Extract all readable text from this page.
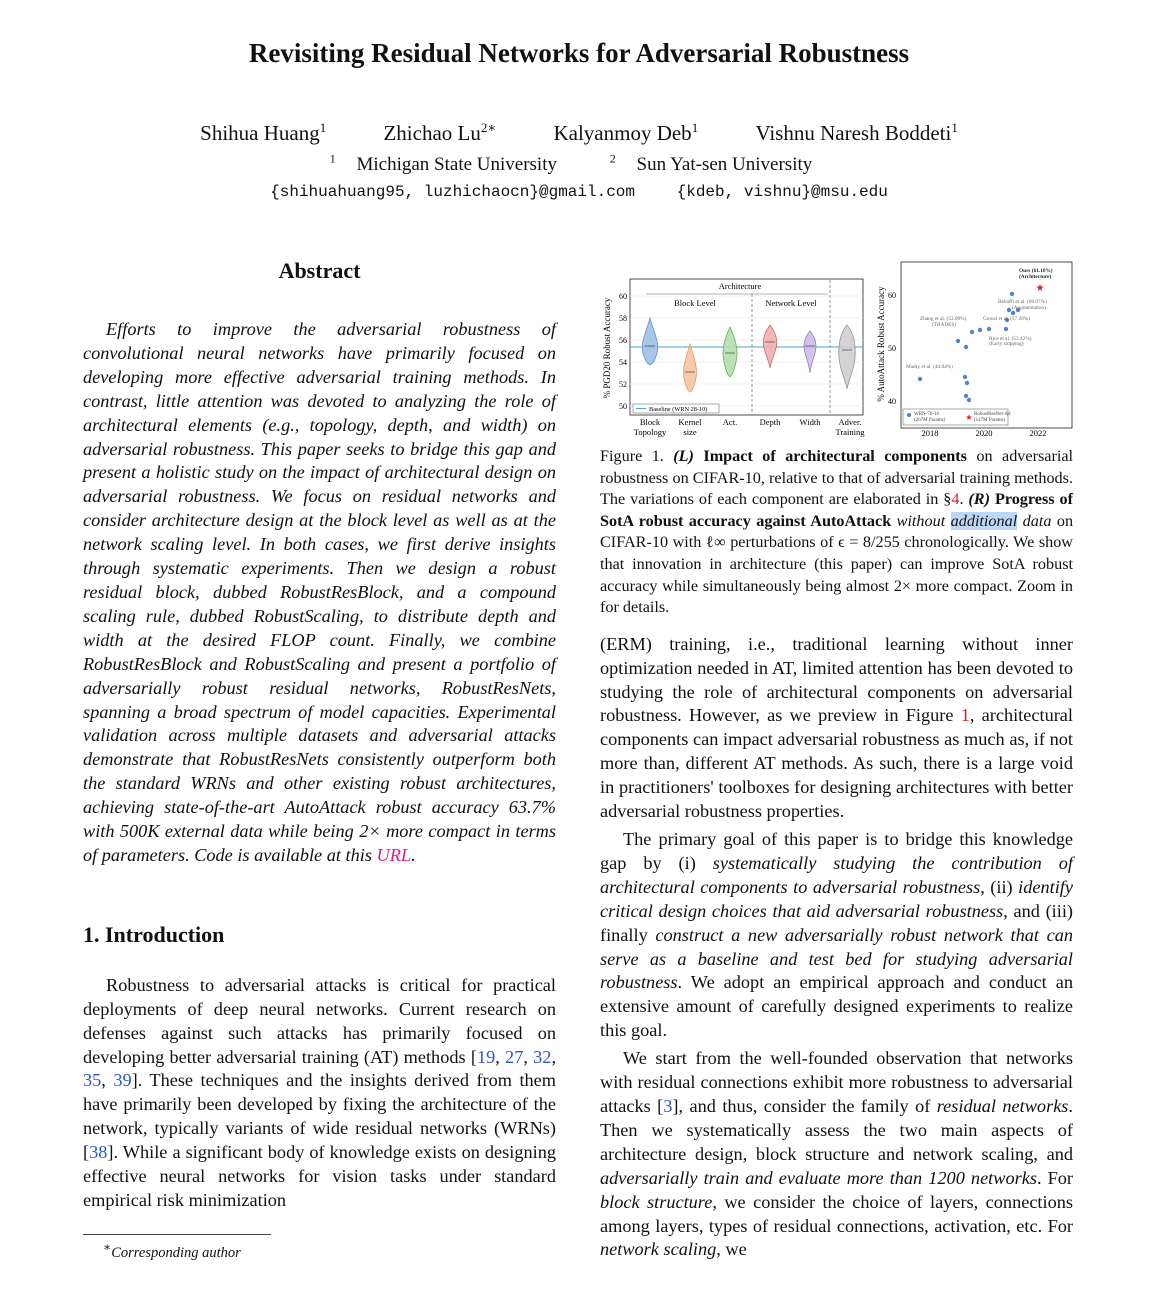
Revisiting Residual Networks for Adversarial Robustness
Shihua Huang$^1$	Zhichao $Lu^{2∗}$	Kalyanmoy Deb$^1$	Vishnu Naresh Boddeti$^1$
$^1$ Michigan State University	$^2$ Sun Yat-sen University
{shihuahuang95, luzhichaocn}@gmail.com	{kdeb, vishnu}@msu.edu
Abstract

Efforts to improve the adversarial robustness of convolutional neural networks have primarily focused on developing more effective adversarial training methods. In contrast, little attention was devoted to analyzing the role of architectural elements (e.g., topology, depth, and width) on adversarial robustness. This paper seeks to bridge this gap and present a holistic study on the impact of architectural design on adversarial robustness. We focus on residual networks and consider architecture design at the block level as well as at the network scaling level. In both cases, we first derive insights through systematic experiments. Then we design a robust residual block, dubbed RobustResBlock, and a compound scaling rule, dubbed RobustScaling, to distribute depth and width at the desired FLOP count. Finally, we combine RobustResBlock and RobustScaling and present a portfolio of adversarially robust residual networks, RobustResNets, spanning a broad spectrum of model capacities. Experimental validation across multiple datasets and adversarial attacks demonstrate that RobustResNets consistently outperform both the standard WRNs and other existing robust architectures, achieving state-of-the-art AutoAttack robust accuracy 63.7% with 500K external data while being 2× more compact in terms of parameters. Code is available at this URL.

1. Introduction

Robustness to adversarial attacks is critical for practical deployments of deep neural networks. Current research on defenses against such attacks has primarily focused on developing better adversarial training (AT) methods [19, 27, 32, 35, 39]. These techniques and the insights derived from them have primarily been developed by fixing the architecture of the network, typically variants of wide residual networks (WRNs) [38]. While a significant body of knowledge exists on designing effective neural networks for vision tasks under standard empirical risk minimization

∗Corresponding author
% PGD20 Robust Accuracy
50
52
54
56
58
60
Architecture
Block Level	Network Level
Baseline (WRN 28-10)
Block
Topology
Kernel
size
Act.	Depth Width Adver.
Training
% AutoAttack Robust Accuracy 40
50
60
2018	2020	2022
★
Ours (61.10%)
(Architecture)
Rebuffi et al. (60.07%)
(Augmentation)
Zhang et al. (53.08%)
(TRADES)
Gowal et al. (57.20%)
Rice et al. (53.42%)
(Early stopping)
Madry et al. (44.04%)
WRN-70-16
(267M Params)	★ RobustResNet-A4
(147M Params)

Figure 1. (L) Impact of architectural components on adversarial robustness on CIFAR-10, relative to that of adversarial training methods. The variations of each component are elaborated in §4. (R) Progress of SotA robust accuracy against AutoAttack without additional data on CIFAR-10 with ℓ∞ perturbations of ϵ = 8/255 chronologically. We show that innovation in architecture (this paper) can improve SotA robust accuracy while simultaneously being almost 2× more compact. Zoom in for details.

(ERM) training, i.e., traditional learning without inner optimization needed in AT, limited attention has been devoted to studying the role of architectural components on adversarial robustness. However, as we preview in Figure 1, architectural components can impact adversarial robustness as much as, if not more than, different AT methods. As such, there is a large void in practitioners' toolboxes for designing architectures with better adversarial robustness properties.

The primary goal of this paper is to bridge this knowledge gap by (i) systematically studying the contribution of architectural components to adversarial robustness, (ii) identify critical design choices that aid adversarial robustness, and (iii) finally construct a new adversarially robust network that can serve as a baseline and test bed for studying adversarial robustness. We adopt an empirical approach and conduct an extensive amount of carefully designed experiments to realize this goal.

We start from the well-founded observation that networks with residual connections exhibit more robustness to adversarial attacks [3], and thus, consider the family of residual networks. Then we systematically assess the two main aspects of architecture design, block structure and network scaling, and adversarially train and evaluate more than 1200 networks. For block structure, we consider the choice of layers, connections among layers, types of residual connections, activation, etc. For network scaling, we
